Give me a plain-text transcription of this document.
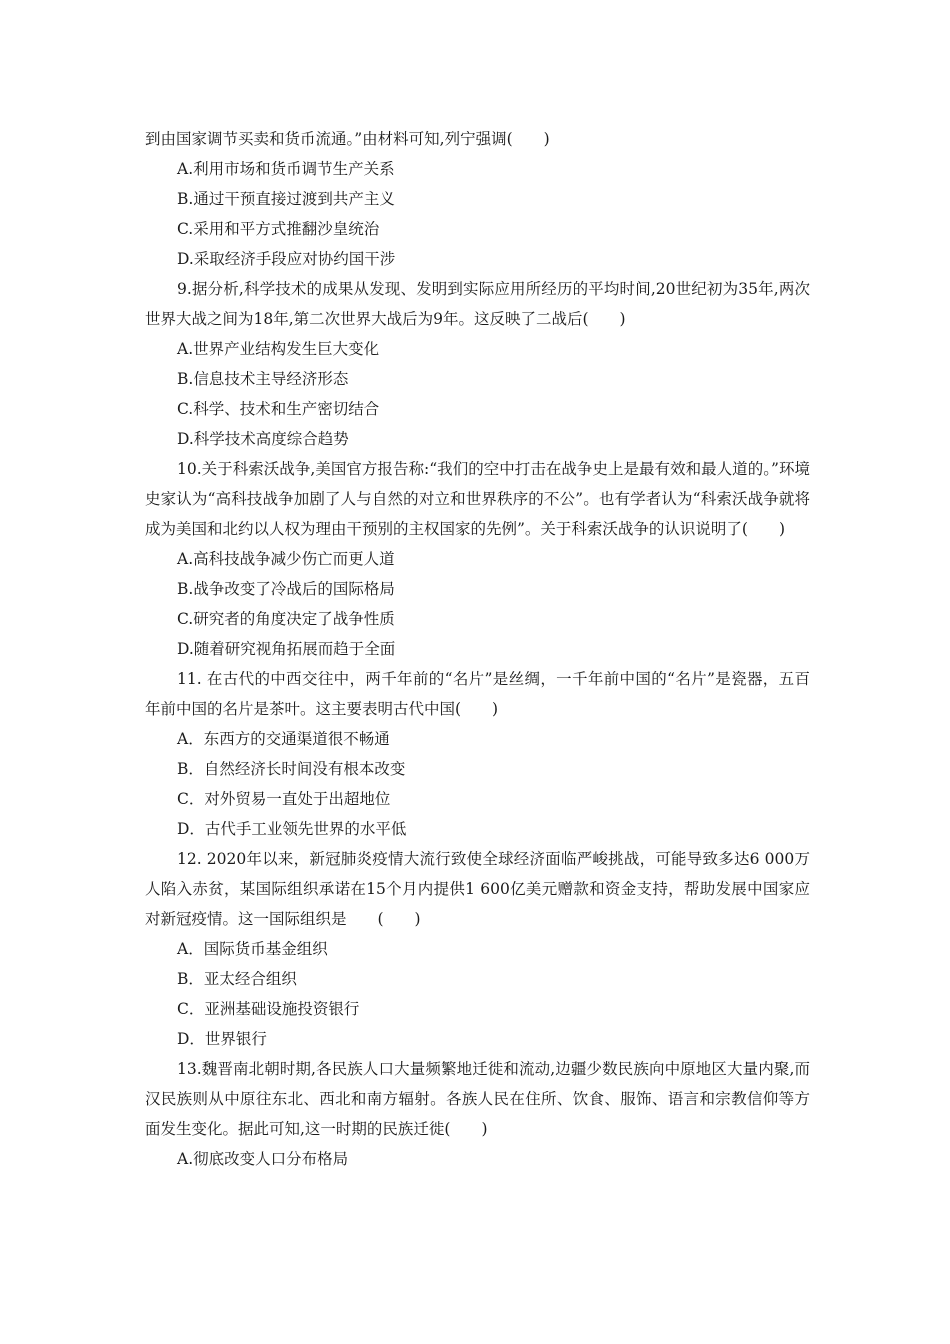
到由国家调节买卖和货币流通。”由材料可知,列宁强调(　　)
A.利用市场和货币调节生产关系
B.通过干预直接过渡到共产主义
C.采用和平方式推翻沙皇统治
D.采取经济手段应对协约国干涉

9.据分析,科学技术的成果从发现、发明到实际应用所经历的平均时间,20世纪初为35年,两次世界大战之间为18年,第二次世界大战后为9年。这反映了二战后(　　)

A.世界产业结构发生巨大变化
B.信息技术主导经济形态
C.科学、技术和生产密切结合
D.科学技术高度综合趋势

10.关于科索沃战争,美国官方报告称:“我们的空中打击在战争史上是最有效和最人道的。”环境史家认为“高科技战争加剧了人与自然的对立和世界秩序的不公”。也有学者认为“科索沃战争就将成为美国和北约以人权为理由干预别的主权国家的先例”。关于科索沃战争的认识说明了(　　)

A.高科技战争减少伤亡而更人道
B.战争改变了冷战后的国际格局
C.研究者的角度决定了战争性质
D.随着研究视角拓展而趋于全面

11. 在古代的中西交往中，两千年前的“名片”是丝绸，一千年前中国的“名片”是瓷器，五百年前中国的名片是茶叶。这主要表明古代中国(　　)

A．东西方的交通渠道很不畅通
B．自然经济长时间没有根本改变
C．对外贸易一直处于出超地位
D．古代手工业领先世界的水平低

12. 2020年以来，新冠肺炎疫情大流行致使全球经济面临严峻挑战，可能导致多达6 000万人陷入赤贫，某国际组织承诺在15个月内提供1 600亿美元赠款和资金支持，帮助发展中国家应对新冠疫情。这一国际组织是　　(　　)

A．国际货币基金组织
B．亚太经合组织
C．亚洲基础设施投资银行
D．世界银行

13.魏晋南北朝时期,各民族人口大量频繁地迁徙和流动,边疆少数民族向中原地区大量内聚,而汉民族则从中原往东北、西北和南方辐射。各族人民在住所、饮食、服饰、语言和宗教信仰等方面发生变化。据此可知,这一时期的民族迁徙(　　)

A.彻底改变人口分布格局
